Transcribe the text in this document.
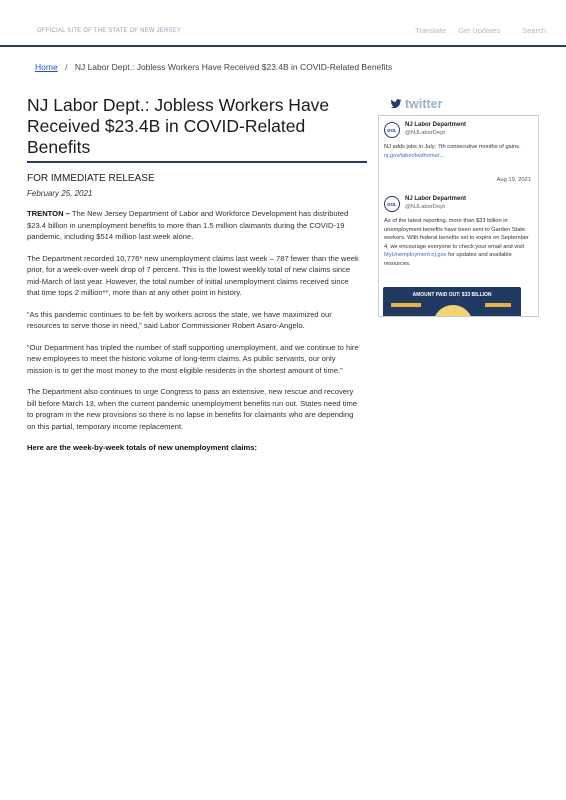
OFFICIAL SITE OF THE STATE OF NEW JERSEY	Translate Get Updates	Search
Home / NJ Labor Dept.: Jobless Workers Have Received $23.4B in COVID-Related Benefits
NJ Labor Dept.: Jobless Workers Have
Received $23.4B in COVID-Related Benefits
FOR IMMEDIATE RELEASE
February 25, 2021

TRENTON – The New Jersey Department of Labor and Workforce Development has distributed $23.4 billion in unemployment benefits to more than 1.5 million claimants during the COVID-19 pandemic, including $514 million last week alone.

The Department recorded 10,776* new unemployment claims last week – 787 fewer than the week prior, for a week-over-week drop of 7 percent. This is the lowest weekly total of new claims since mid-March of last year. However, the total number of initial unemployment claims received since that time tops 2 million**, more than at any other point in history.

“As this pandemic continues to be felt by workers across the state, we have maximized our resources to serve those in need,” said Labor Commissioner Robert Asaro-Angelo.

“Our Department has tripled the number of staff supporting unemployment, and we continue to hire new employees to meet the historic volume of long-term claims. As public servants, our only mission is to get the most money to the most eligible residents in the shortest amount of time.”

The Department also continues to urge Congress to pass an extensive, new rescue and recovery bill before March 13, when the current pandemic unemployment benefits run out. States need time to program in the new provisions so there is no lapse in benefits for claimants who are depending on this partial, temporary income replacement.

Here are the week-by-week totals of new unemployment claims:
twitter
DOL
NJ Labor Department
@NJLaborDept
NJ adds jobs in July; 7th consecutive months of gains. nj.gov/labor/lwdhome/...
Aug 19, 2021
DOL
NJ Labor Department
@NJLaborDept
As of the latest reporting, more than $33 billion in unemployment benefits have been sent to Garden State workers. With federal benefits set to expire on September 4, we encourage everyone to check your email and visit MyUnemployment.nj.gov for updates and available resources.
AMOUNT PAID OUT: $33 BILLION
